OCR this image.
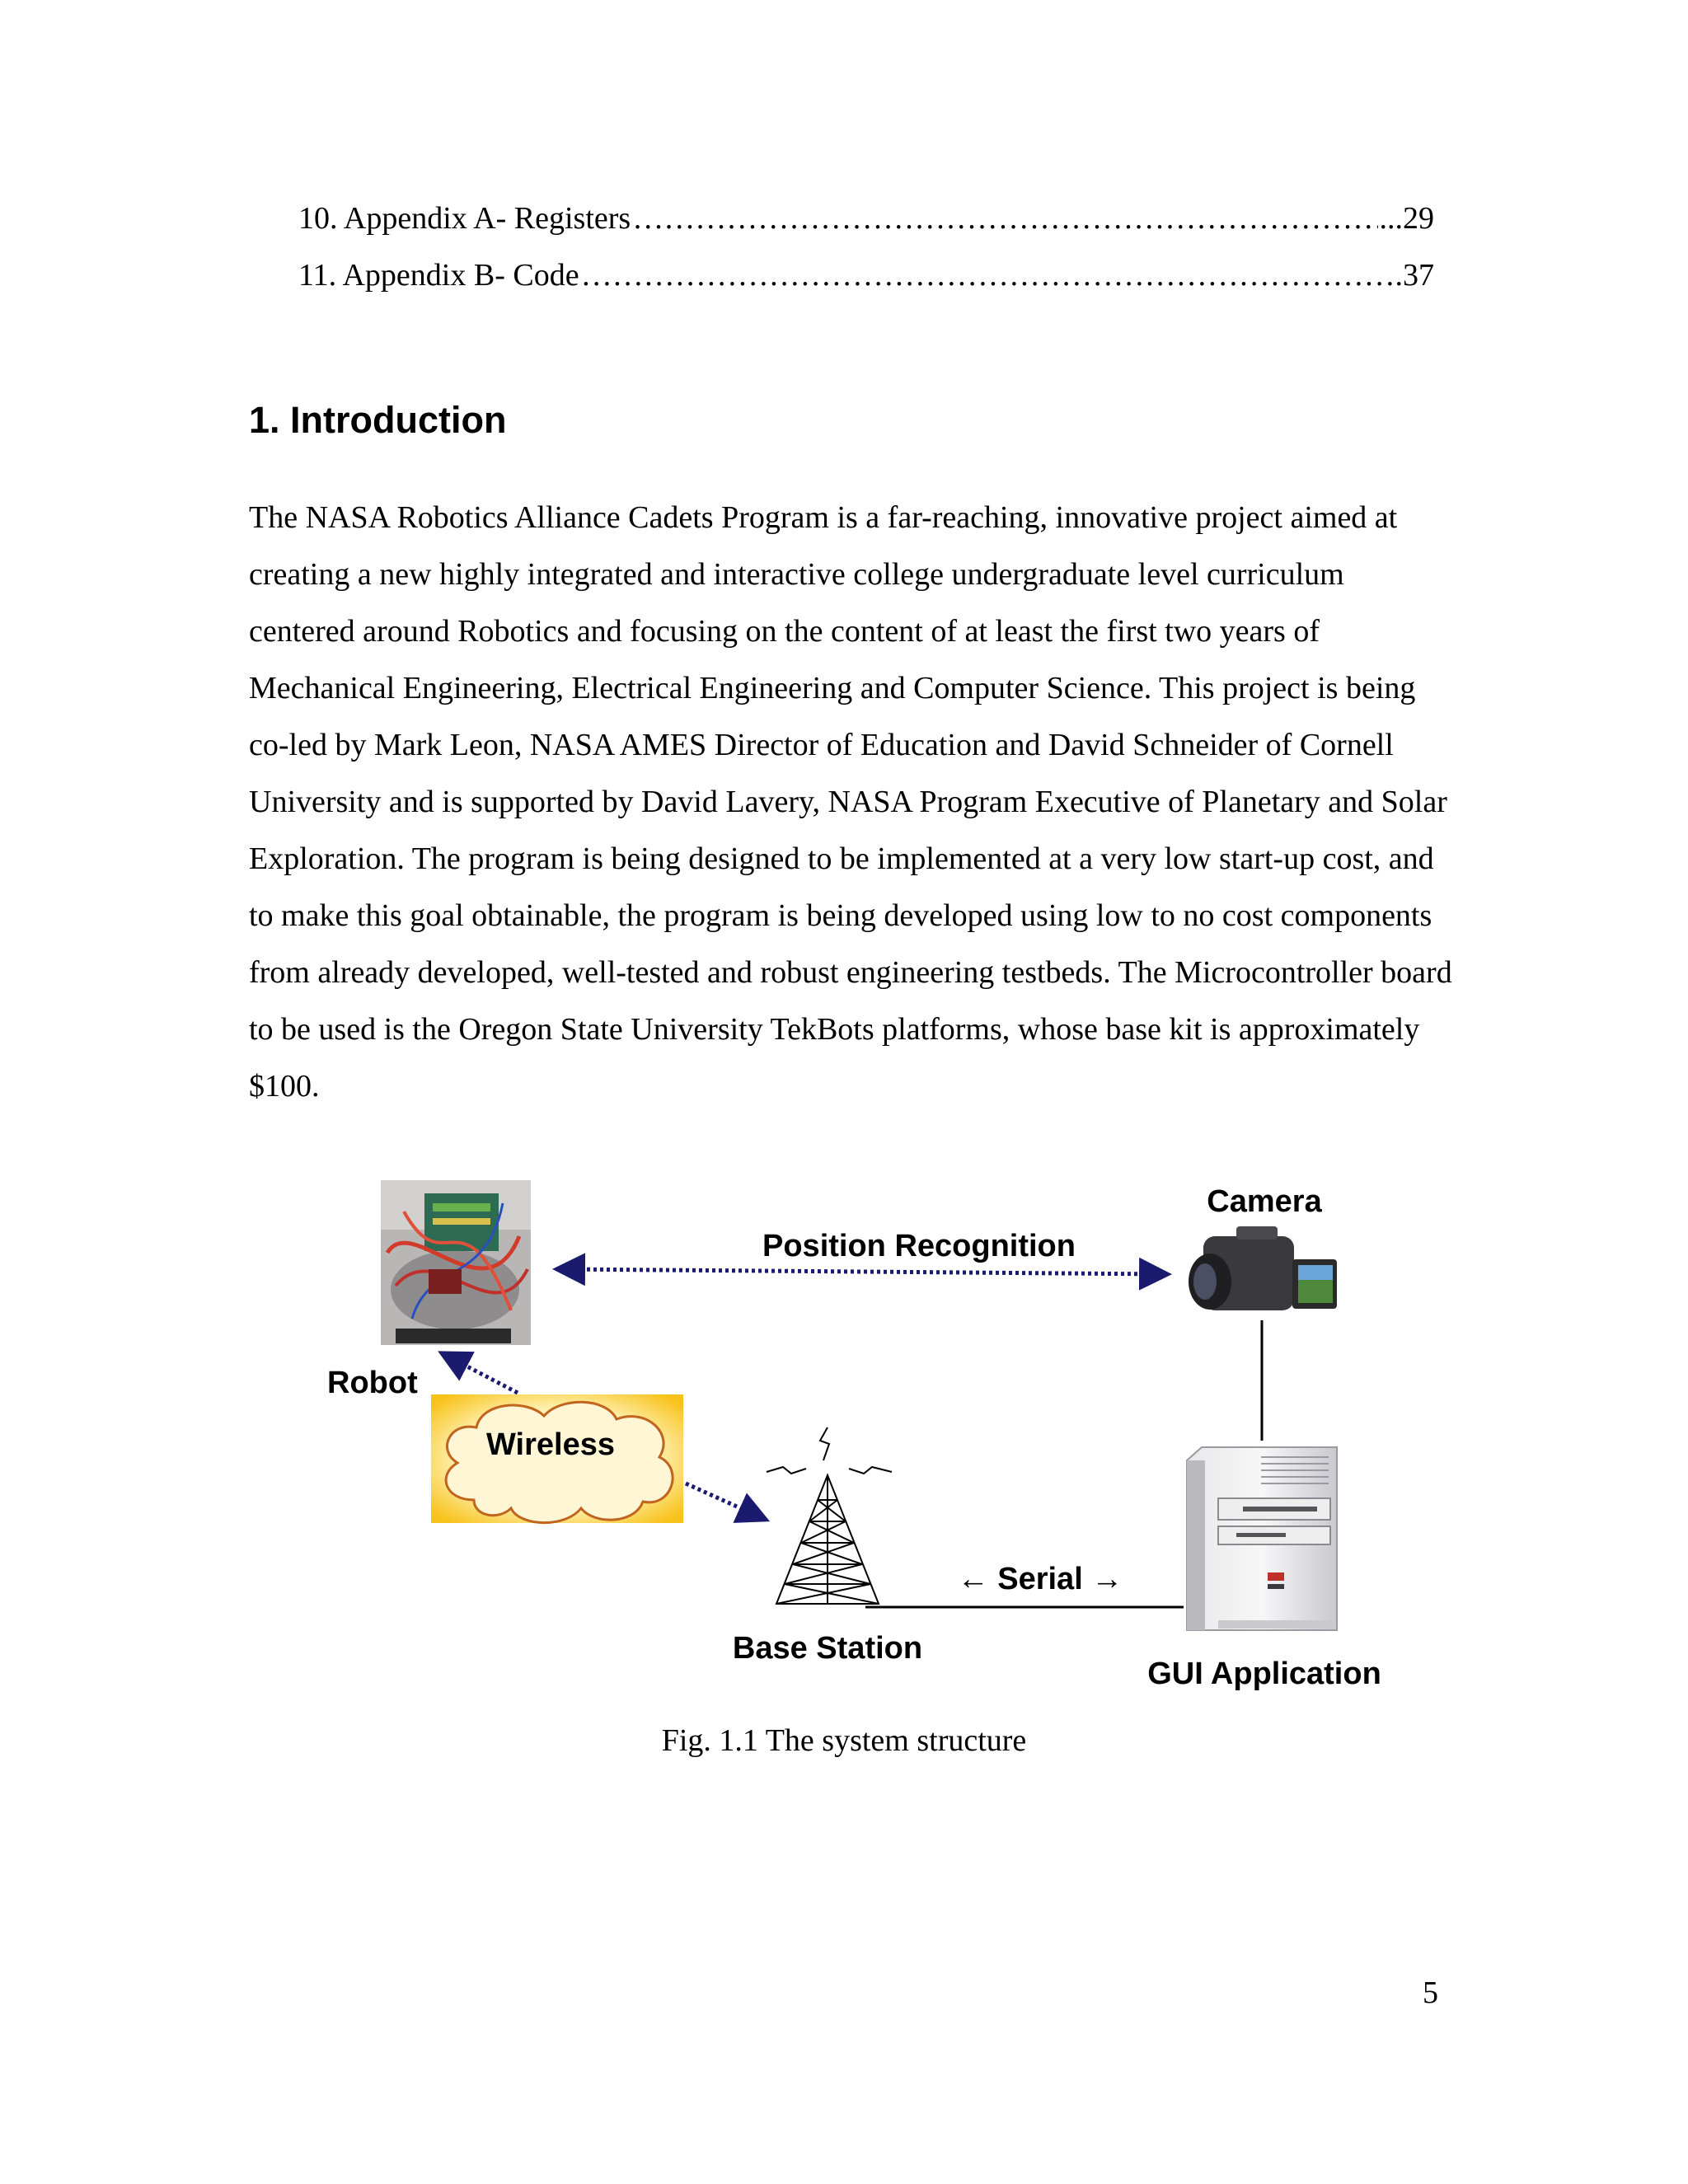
10. Appendix A- Registers ……………………………………………………………………………………………………………………………………………………………………	...29
11. Appendix B- Code ……………………………………………………………………………………………………………………………………………………………………	.37
1. Introduction

The NASA Robotics Alliance Cadets Program is a far-reaching, innovative project aimed at creating a new highly integrated and interactive college undergraduate level curriculum centered around Robotics and focusing on the content of at least the first two years of Mechanical Engineering, Electrical Engineering and Computer Science. This project is being co-led by Mark Leon, NASA AMES Director of Education and David Schneider of Cornell University and is supported by David Lavery, NASA Program Executive of Planetary and Solar Exploration. The program is being designed to be implemented at a very low start-up cost, and to make this goal obtainable, the program is being developed using low to no cost components from already developed, well-tested and robust engineering testbeds. The Microcontroller board to be used is the Oregon State University TekBots platforms, whose base kit is approximately $100.

Position Recognition
Camera
Robot
Wireless
← Serial →
Base Station
GUI Application
Fig. 1.1 The system structure
5
